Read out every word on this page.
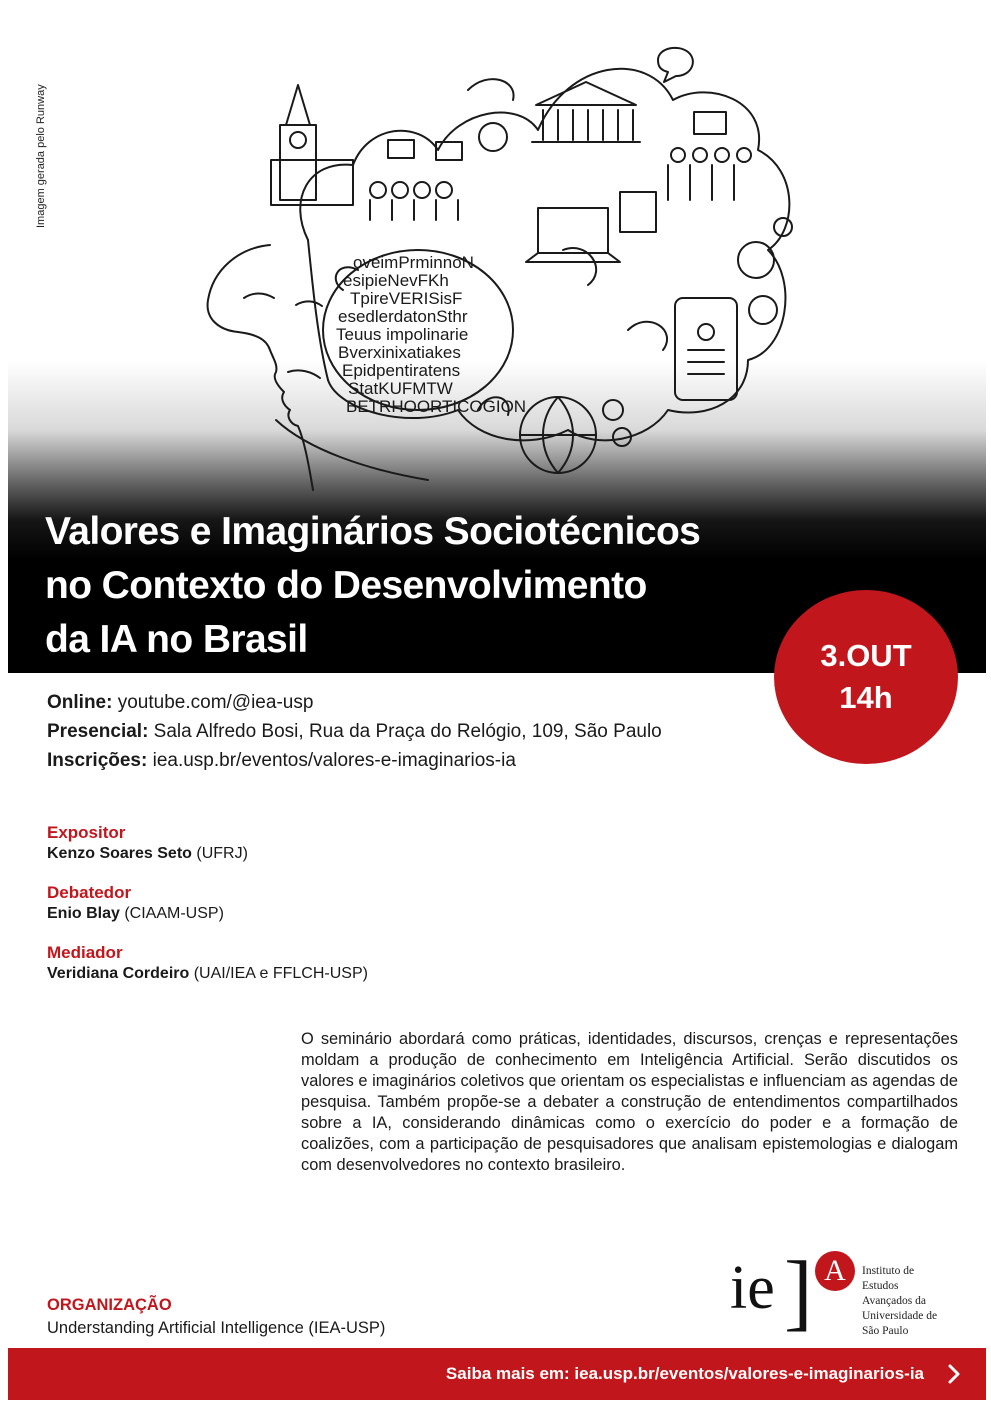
oveimPrminnoN
esipieNevFKh
TpireVERISisF
esedlerdatonSthr
Teuus impolinarie
Bverxinixatiakes
Epidpentiratens
StatKUFMTW
BETRHOORTICOGION
Imagem gerada pelo Runway
Valores e Imaginários Sociotécnicos
no Contexto do Desenvolvimento
da IA no Brasil	3.OUT
14h
Online: youtube.com/@iea-usp
Presencial: Sala Alfredo Bosi, Rua da Praça do Relógio, 109, São Paulo
Inscrições: iea.usp.br/eventos/valores-e-imaginarios-ia
Expositor
Kenzo Soares Seto (UFRJ)
Debatedor
Enio Blay (CIAAM-USP)
Mediador
Veridiana Cordeiro (UAI/IEA e FFLCH-USP)

O seminário abordará como práticas, identidades, discursos, crenças e representações moldam a produção de conhecimento em Inteligência Artificial. Serão discutidos os valores e imaginários coletivos que orientam os especialistas e influenciam as agendas de pesquisa. Também propõe-se a debater a construção de entendimentos compartilhados sobre a IA, considerando dinâmicas como o exercício do poder e a formação de coalizões, com a participação de pesquisadores que analisam epistemologias e dialogam com desenvolvedores no contexto brasileiro.

ORGANIZAÇÃO
Understanding Artificial Intelligence (IEA-USP)
ie ] A	Instituto de
Estudos
Avançados da
Universidade de
São Paulo
Saiba mais em: iea.usp.br/eventos/valores-e-imaginarios-ia
